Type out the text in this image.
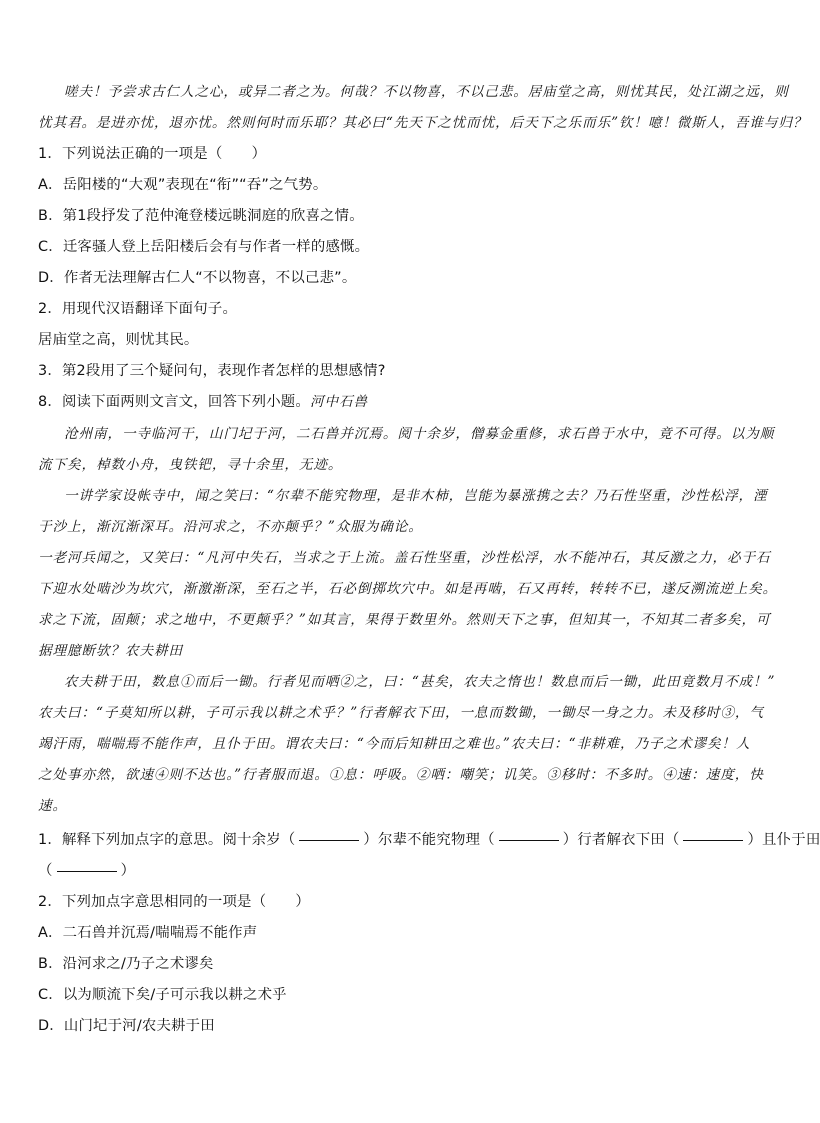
嗟夫！予尝求古仁人之心，或异二者之为。何哉？不以物喜，不以己悲。居庙堂之高，则忧其民，处江湖之远，则
忧其君。是进亦忧，退亦忧。然则何时而乐耶？其必曰“先天下之忧而忧，后天下之乐而乐”钦！噫！微斯人，吾谁与归？
1．下列说法正确的一项是（　　）
A．岳阳楼的“大观”表现在“衔”“吞”之气势。
B．第1段抒发了范仲淹登楼远眺洞庭的欣喜之情。
C．迁客骚人登上岳阳楼后会有与作者一样的感慨。
D．作者无法理解古仁人“不以物喜，不以己悲”。
2．用现代汉语翻译下面句子。
居庙堂之高，则忧其民。
3．第2段用了三个疑问句，表现作者怎样的思想感情?
8．阅读下面两则文言文，回答下列小题。河中石兽
沧州南，一寺临河干，山门圮于河，二石兽并沉焉。阅十余岁，僧募金重修，求石兽于水中，竟不可得。以为顺
流下矣，棹数小舟，曳铁钯，寻十余里，无迹。
一讲学家设帐寺中，闻之笑曰：“尔辈不能究物理，是非木柿，岂能为暴涨携之去？乃石性坚重，沙性松浮，湮
于沙上，渐沉渐深耳。沿河求之，不亦颠乎？”众服为确论。
一老河兵闻之，又笑曰：“凡河中失石，当求之于上流。盖石性坚重，沙性松浮，水不能冲石，其反激之力，必于石
下迎水处啮沙为坎穴，渐激渐深，至石之半，石必倒掷坎穴中。如是再啮，石又再转，转转不已，遂反溯流逆上矣。
求之下流，固颠；求之地中，不更颠乎？”如其言，果得于数里外。然则天下之事，但知其一，不知其二者多矣，可
据理臆断欤？农夫耕田
农夫耕于田，数息①而后一锄。行者见而哂②之，曰：“甚矣，农夫之惰也！数息而后一锄，此田竟数月不成！”
农夫曰：“子莫知所以耕，子可示我以耕之术乎？”行者解衣下田，一息而数锄，一锄尽一身之力。未及移时③，气
竭汗雨，喘喘焉不能作声，且仆于田。谓农夫曰：“今而后知耕田之难也。”农夫曰：“非耕难，乃子之术谬矣！人
之处事亦然，欲速④则不达也。”行者服而退。①息：呼吸。②哂：嘲笑；讥笑。③移时：不多时。④速：速度，快
速。
1．解释下列加点字的意思。阅十余岁（	）尔辈不能究物理（	）行者解衣下田（	）且仆于田
（	）
2．下列加点字意思相同的一项是（　　）
A．二石兽并沉焉/喘喘焉不能作声
B．沿河求之/乃子之术谬矣
C．以为顺流下矣/子可示我以耕之术乎
D．山门圮于河/农夫耕于田
